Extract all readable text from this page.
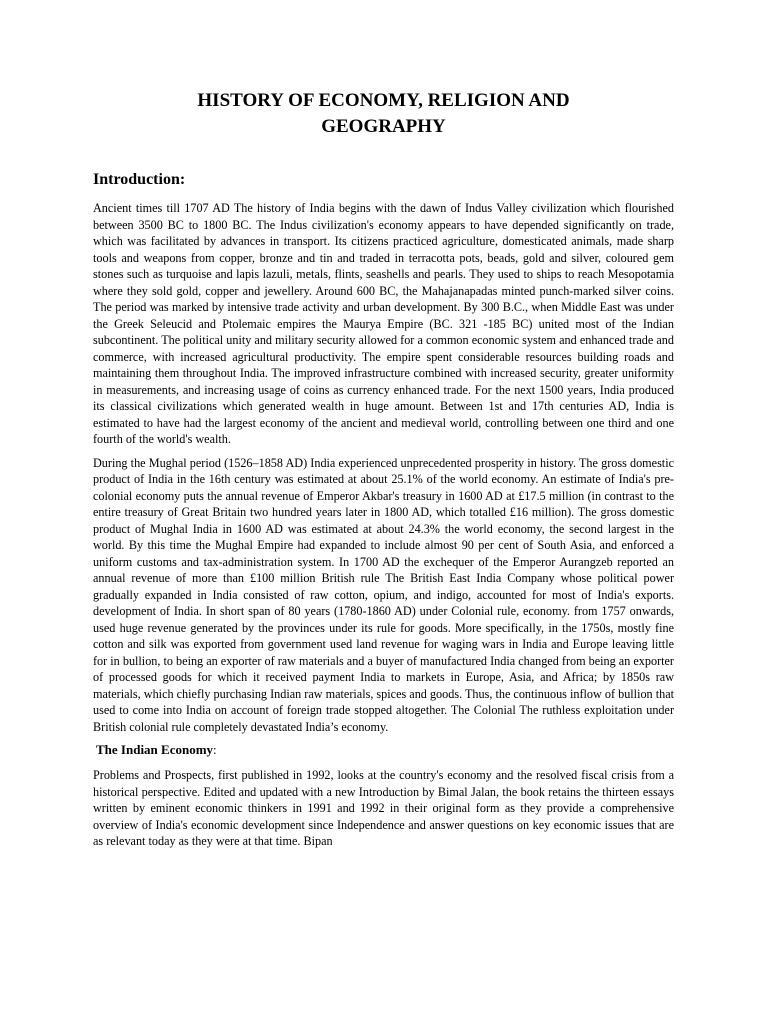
HISTORY OF ECONOMY, RELIGION AND GEOGRAPHY
Introduction:

Ancient times till 1707 AD The history of India begins with the dawn of Indus Valley civilization which flourished between 3500 BC to 1800 BC. The Indus civilization's economy appears to have depended significantly on trade, which was facilitated by advances in transport. Its citizens practiced agriculture, domesticated animals, made sharp tools and weapons from copper, bronze and tin and traded in terracotta pots, beads, gold and silver, coloured gem stones such as turquoise and lapis lazuli, metals, flints, seashells and pearls. They used to ships to reach Mesopotamia where they sold gold, copper and jewellery. Around 600 BC, the Mahajanapadas minted punch-marked silver coins. The period was marked by intensive trade activity and urban development. By 300 B.C., when Middle East was under the Greek Seleucid and Ptolemaic empires the Maurya Empire (BC. 321 -185 BC) united most of the Indian subcontinent. The political unity and military security allowed for a common economic system and enhanced trade and commerce, with increased agricultural productivity. The empire spent considerable resources building roads and maintaining them throughout India. The improved infrastructure combined with increased security, greater uniformity in measurements, and increasing usage of coins as currency enhanced trade. For the next 1500 years, India produced its classical civilizations which generated wealth in huge amount. Between 1st and 17th centuries AD, India is estimated to have had the largest economy of the ancient and medieval world, controlling between one third and one fourth of the world's wealth.

During the Mughal period (1526–1858 AD) India experienced unprecedented prosperity in history. The gross domestic product of India in the 16th century was estimated at about 25.1% of the world economy. An estimate of India's pre-colonial economy puts the annual revenue of Emperor Akbar's treasury in 1600 AD at £17.5 million (in contrast to the entire treasury of Great Britain two hundred years later in 1800 AD, which totalled £16 million). The gross domestic product of Mughal India in 1600 AD was estimated at about 24.3% the world economy, the second largest in the world. By this time the Mughal Empire had expanded to include almost 90 per cent of South Asia, and enforced a uniform customs and tax-administration system. In 1700 AD the exchequer of the Emperor Aurangzeb reported an annual revenue of more than £100 million British rule The British East India Company whose political power gradually expanded in India consisted of raw cotton, opium, and indigo, accounted for most of India's exports. development of India. In short span of 80 years (1780-1860 AD) under Colonial rule, economy. from 1757 onwards, used huge revenue generated by the provinces under its rule for goods. More specifically, in the 1750s, mostly fine cotton and silk was exported from government used land revenue for waging wars in India and Europe leaving little for in bullion, to being an exporter of raw materials and a buyer of manufactured India changed from being an exporter of processed goods for which it received payment India to markets in Europe, Asia, and Africa; by 1850s raw materials, which chiefly purchasing Indian raw materials, spices and goods. Thus, the continuous inflow of bullion that used to come into India on account of foreign trade stopped altogether. The Colonial The ruthless exploitation under British colonial rule completely devastated India’s economy.

The Indian Economy:

Problems and Prospects, first published in 1992, looks at the country's economy and the resolved fiscal crisis from a historical perspective. Edited and updated with a new Introduction by Bimal Jalan, the book retains the thirteen essays written by eminent economic thinkers in 1991 and 1992 in their original form as they provide a comprehensive overview of India's economic development since Independence and answer questions on key economic issues that are as relevant today as they were at that time. Bipan
